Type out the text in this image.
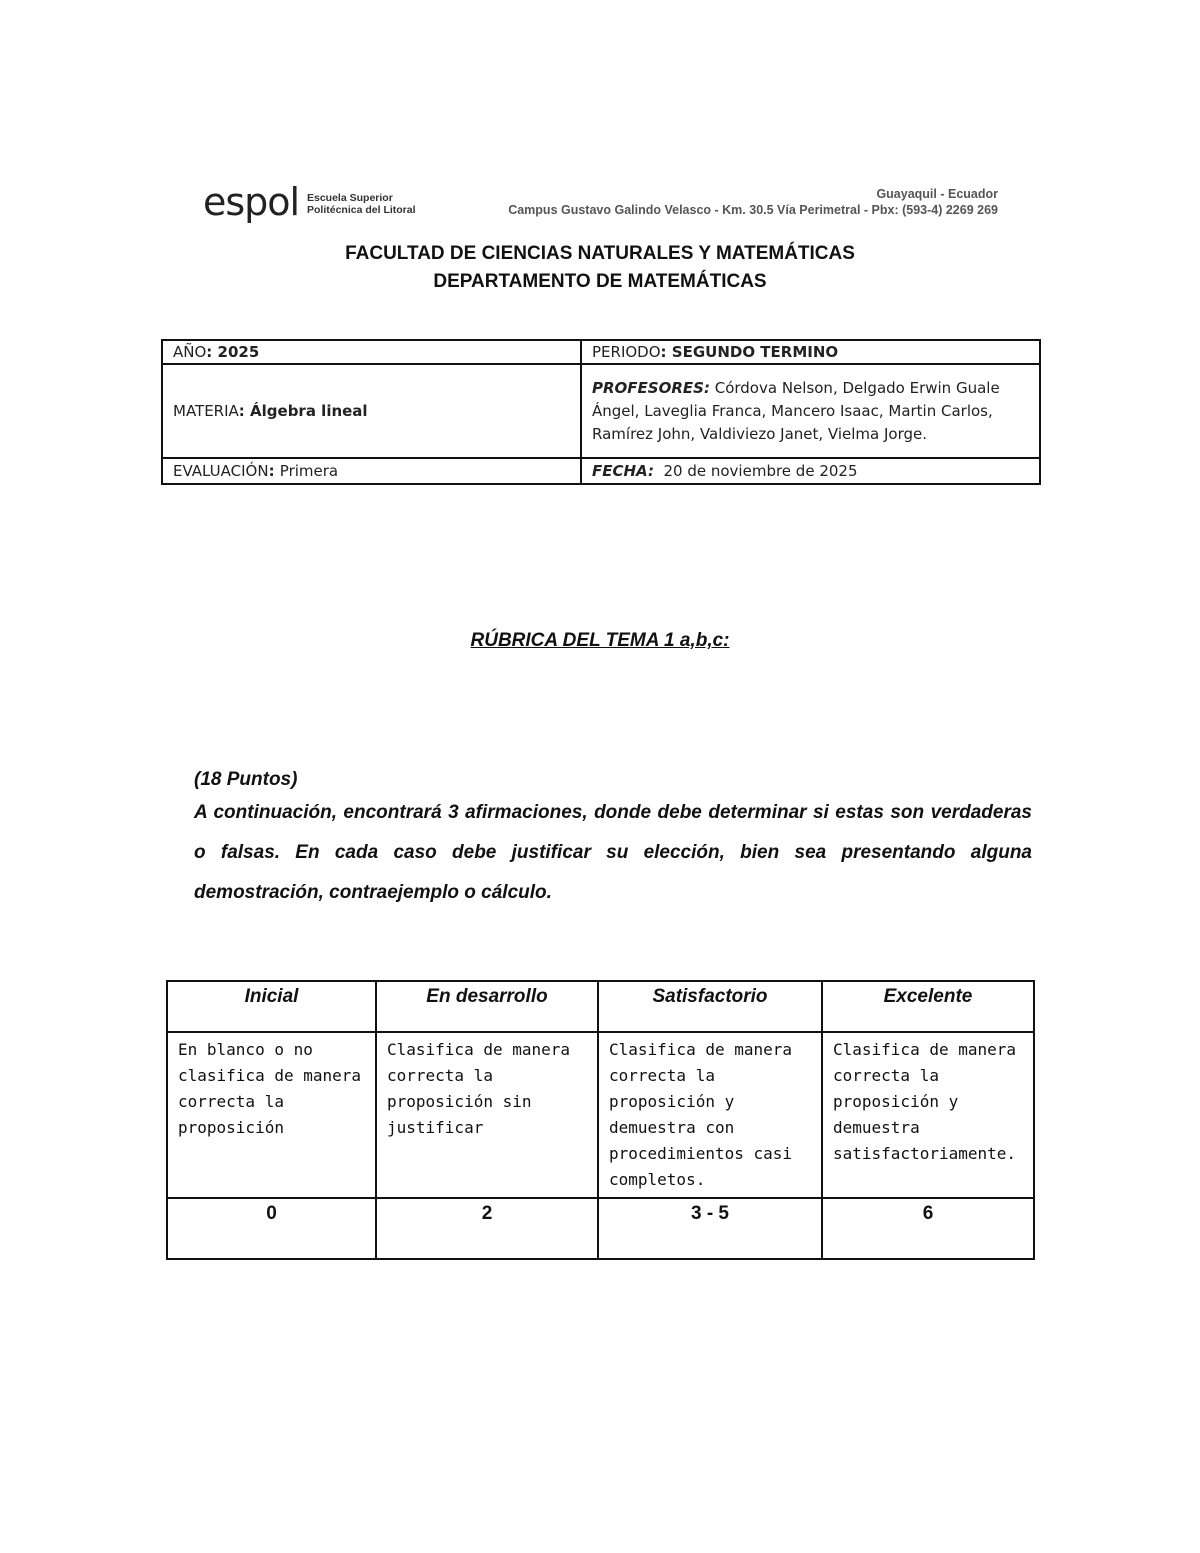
espol Escuela Superior
Politécnica del Litoral
Guayaquil - Ecuador
Campus Gustavo Galindo Velasco - Km. 30.5 Vía Perimetral - Pbx: (593-4) 2269 269
FACULTAD DE CIENCIAS NATURALES Y MATEMÁTICAS
DEPARTAMENTO DE MATEMÁTICAS
AÑO: 2025	PERIODO: SEGUNDO TERMINO
MATERIA: Álgebra lineal	PROFESORES: Córdova Nelson, Delgado Erwin Guale Ángel, Laveglia Franca, Mancero Isaac, Martin Carlos, Ramírez John, Valdiviezo Janet, Vielma Jorge.
EVALUACIÓN: Primera	FECHA: 20 de noviembre de 2025
RÚBRICA DEL TEMA 1 a,b,c:
(18 Puntos)
A continuación, encontrará 3 afirmaciones, donde debe determinar si estas son verdaderas o falsas. En cada caso debe justificar su elección, bien sea presentando alguna demostración, contraejemplo o cálculo.
Inicial	En desarrollo	Satisfactorio	Excelente
En blanco o no clasifica de manera correcta la proposición	Clasifica de manera correcta la proposición sin justificar	Clasifica de manera correcta la proposición y demuestra con procedimientos casi completos.	Clasifica de manera correcta la proposición y demuestra satisfactoriamente.
0	2	3 - 5	6
